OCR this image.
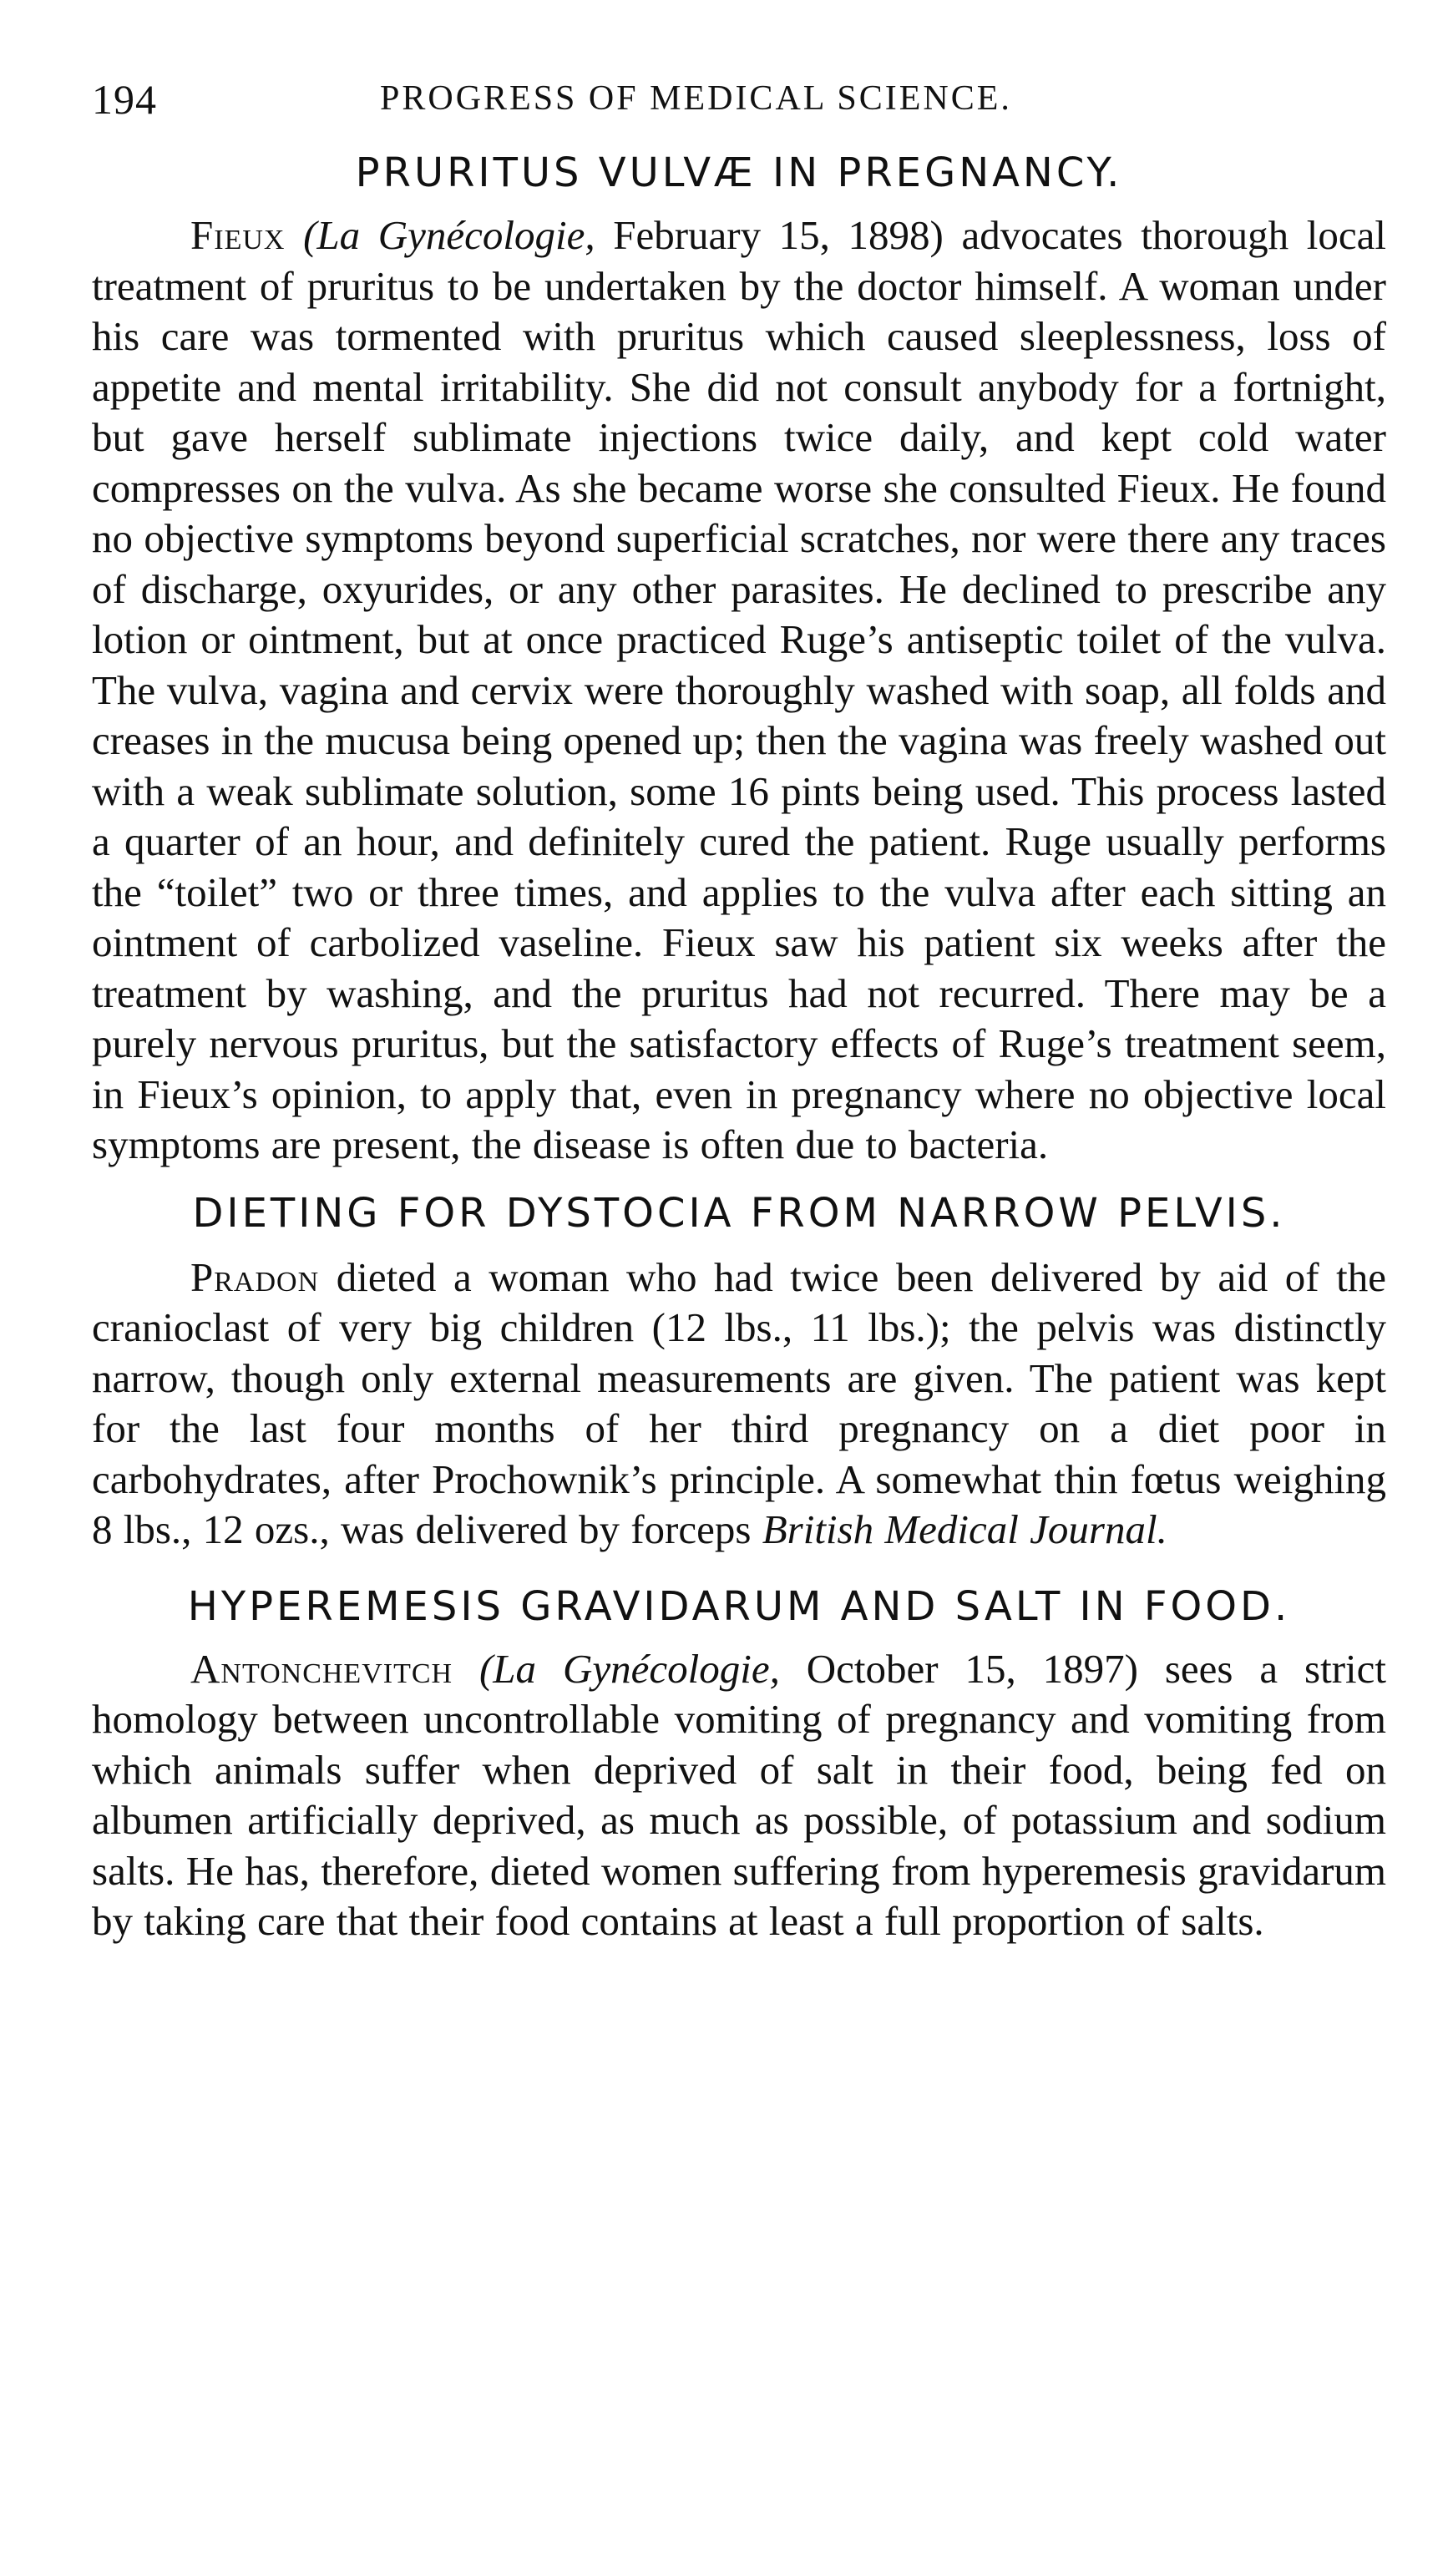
194	PROGRESS OF MEDICAL SCIENCE.
PRURITUS VULVÆ IN PREGNANCY.

Fieux (La Gynécologie, February 15, 1898) advocates thorough local treatment of pruritus to be undertaken by the doctor himself. A woman under his care was tormented with pruritus which caused sleeplessness, loss of appetite and mental irritability. She did not consult anybody for a fortnight, but gave herself sublimate injections twice daily, and kept cold water compresses on the vulva. As she became worse she consulted Fieux. He found no objective symptoms beyond superficial scratches, nor were there any traces of discharge, oxyurides, or any other parasites. He declined to prescribe any lotion or ointment, but at once practiced Ruge’s antiseptic toilet of the vulva. The vulva, vagina and cervix were thoroughly washed with soap, all folds and creases in the mucusa being opened up; then the vagina was freely washed out with a weak sublimate solution, some 16 pints being used. This process lasted a quarter of an hour, and definitely cured the patient. Ruge usually performs the “toilet” two or three times, and applies to the vulva after each sitting an ointment of carbolized vaseline. Fieux saw his patient six weeks after the treatment by washing, and the pruritus had not recurred. There may be a purely nervous pruritus, but the satisfactory effects of Ruge’s treatment seem, in Fieux’s opinion, to apply that, even in pregnancy where no objective local symptoms are present, the disease is often due to bacteria.

DIETING FOR DYSTOCIA FROM NARROW PELVIS.

Pradon dieted a woman who had twice been delivered by aid of the cranioclast of very big children (12 lbs., 11 lbs.); the pelvis was distinctly narrow, though only external measurements are given. The patient was kept for the last four months of her third pregnancy on a diet poor in carbohydrates, after Prochownik’s principle. A somewhat thin fœtus weighing 8 lbs., 12 ozs., was delivered by forceps British Medical Journal.

HYPEREMESIS GRAVIDARUM AND SALT IN FOOD.

Antonchevitch (La Gynécologie, October 15, 1897) sees a strict homology between uncontrollable vomiting of pregnancy and vomiting from which animals suffer when deprived of salt in their food, being fed on albumen artificially deprived, as much as possible, of potassium and sodium salts. He has, therefore, dieted women suffering from hyperemesis gravidarum by taking care that their food contains at least a full proportion of salts.
